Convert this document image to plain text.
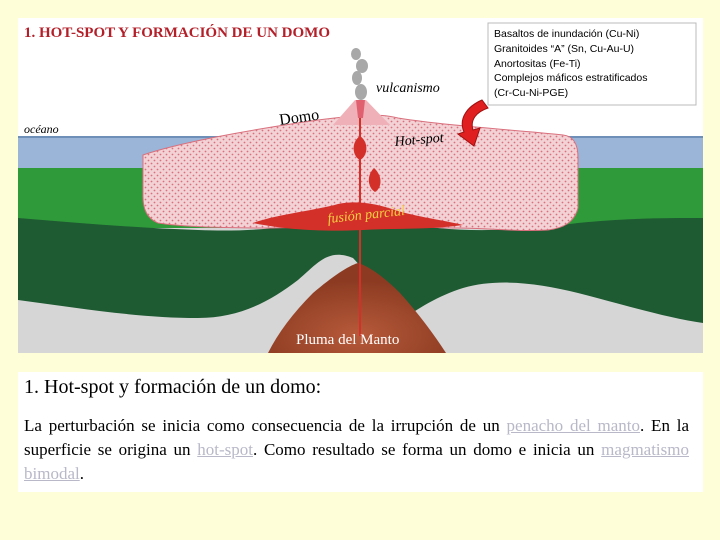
1. HOT-SPOT Y FORMACIÓN DE UN DOMO	Basaltos de inundación (Cu-Ni)
Granitoides “A” (Sn, Cu-Au-U)
Anortositas (Fe-Ti)
Complejos máficos estratificados
(Cr-Cu-Ni-PGE)
vulcanismo
Domo
océano
Hot-spot
fusión parcial
Pluma del Manto

1. Hot-spot y formación de un domo:

La perturbación se inicia como consecuencia de la irrupción de un penacho del manto. En la superficie se origina un hot-spot. Como resultado se forma un domo e inicia un magmatismo bimodal.
